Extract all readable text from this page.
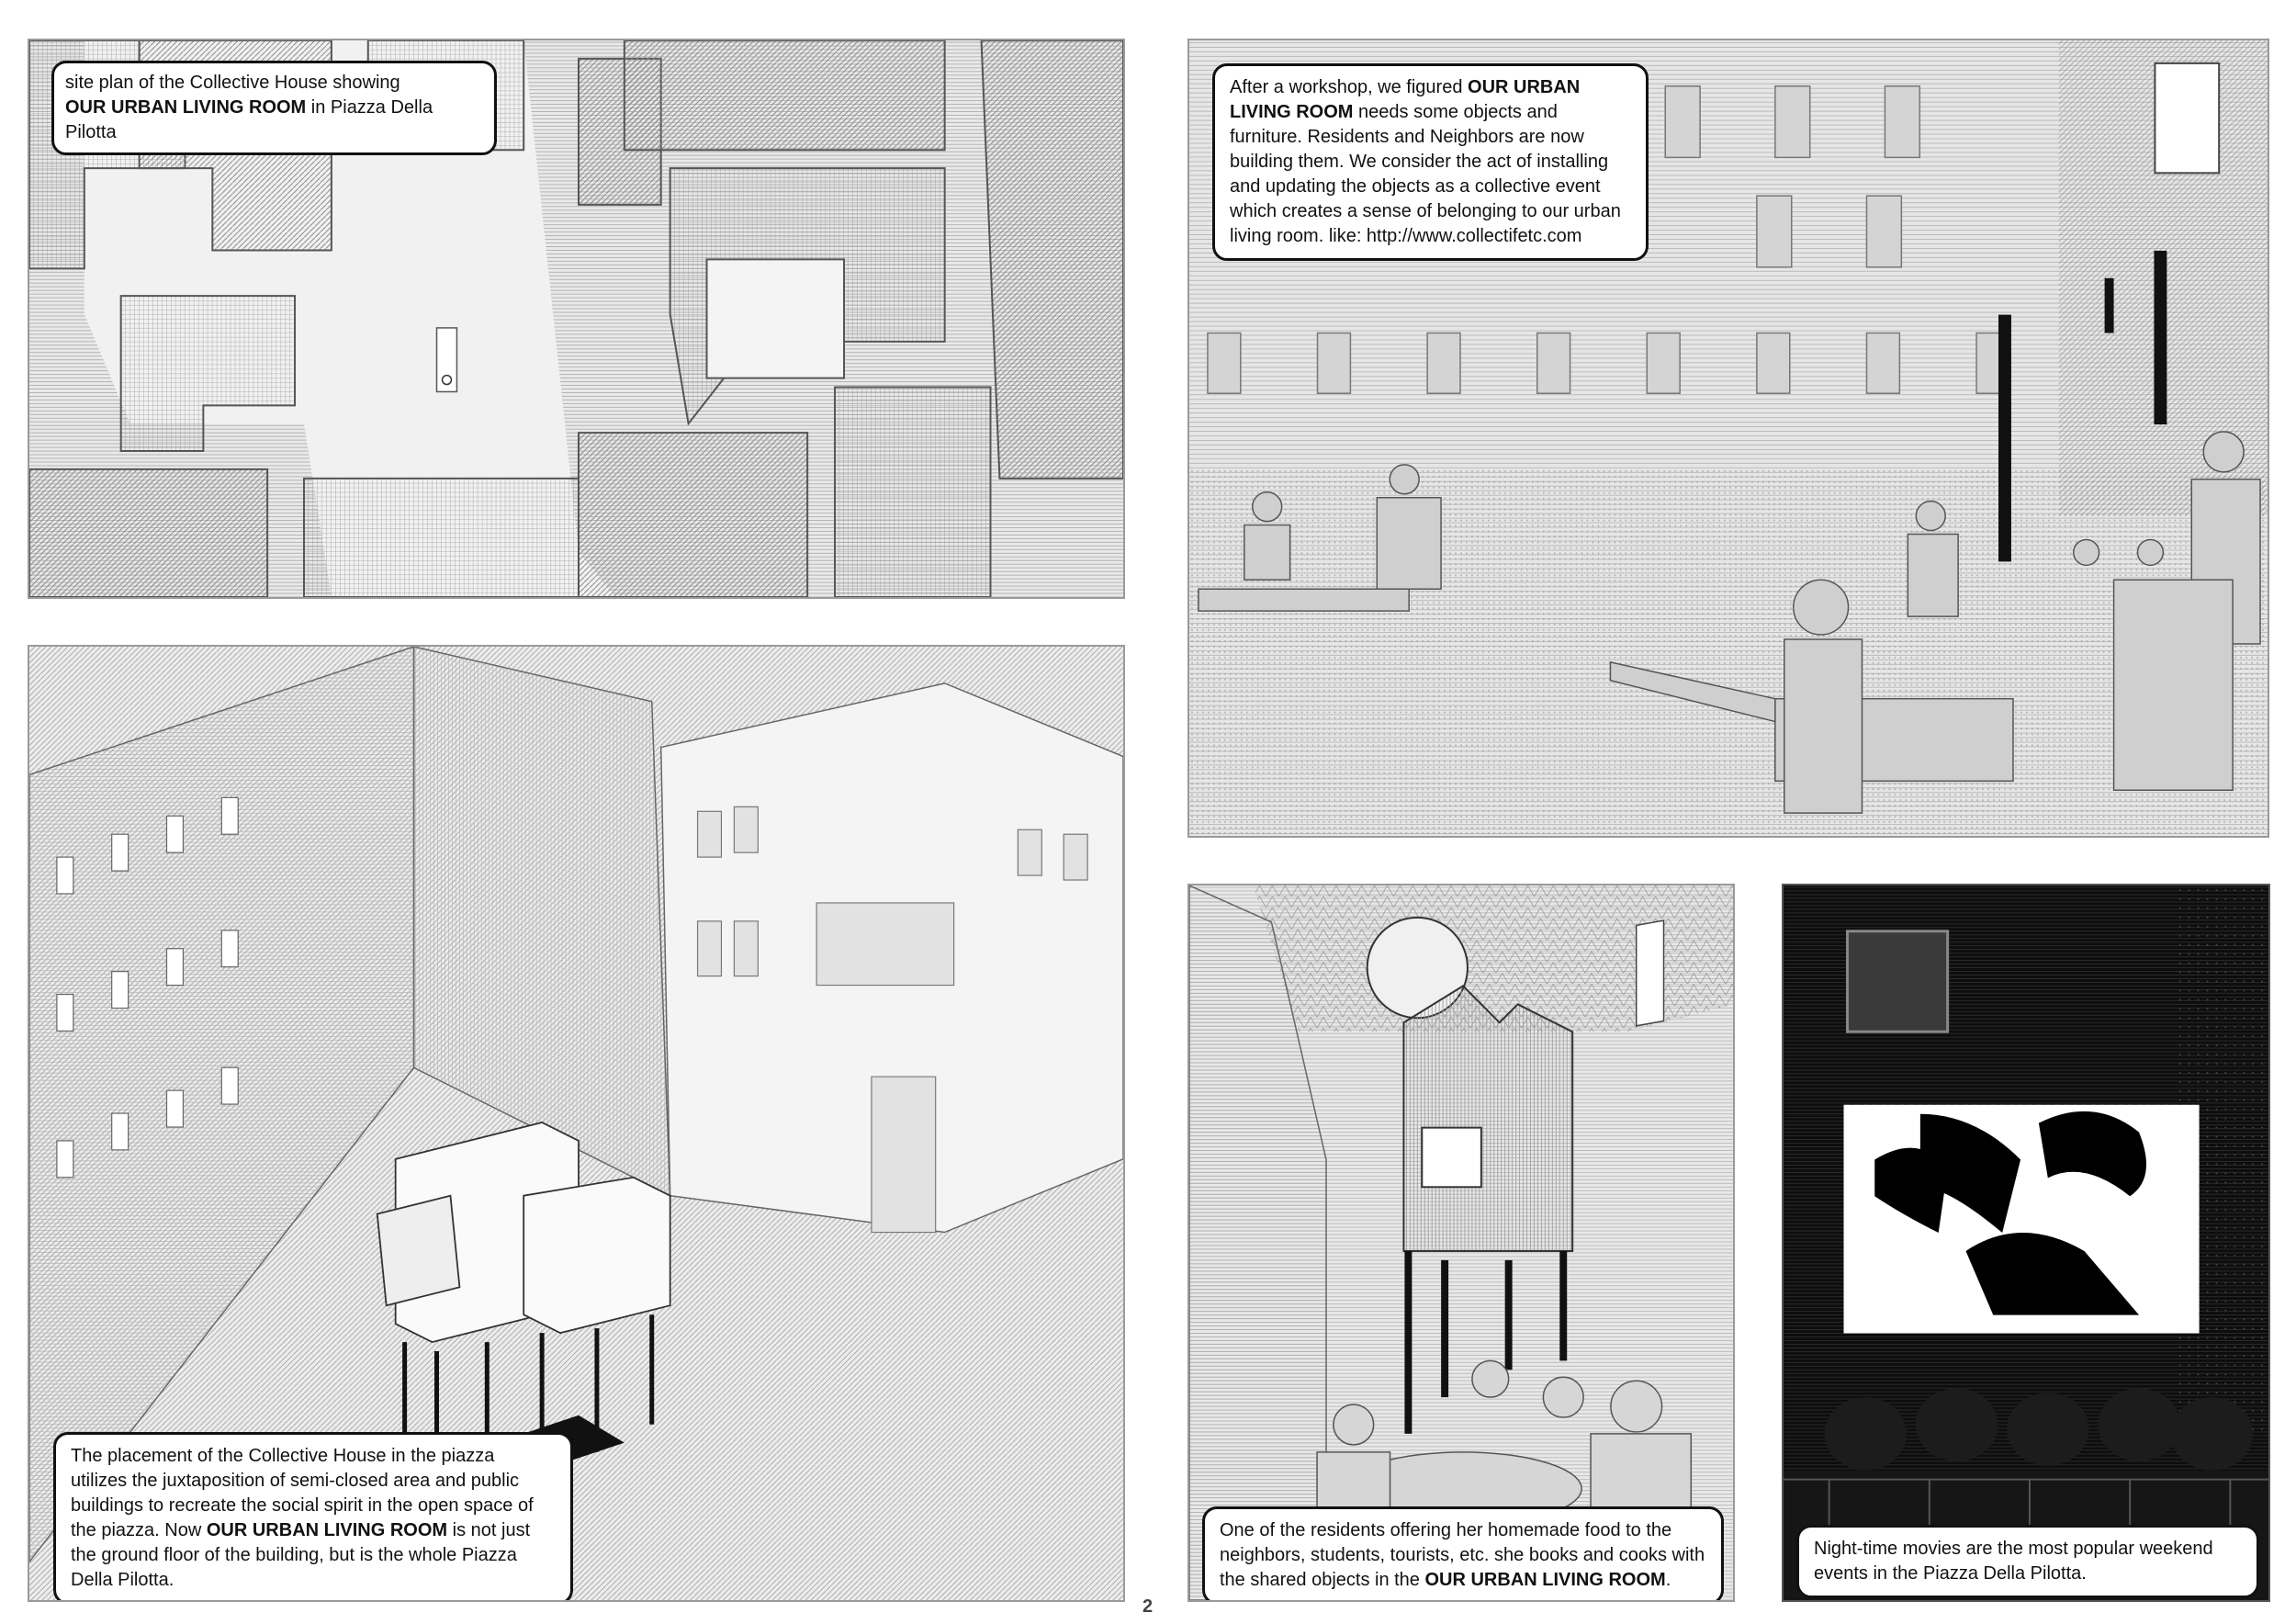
site plan of the Collective House showing
OUR URBAN LIVING ROOM in Piazza Della Pilotta
After a workshop, we figured OUR URBAN LIVING ROOM needs some objects and furniture. Residents and Neighbors are now building them. We consider the act of installing and updating the objects as a collective event which creates a sense of belonging to our urban living room. like: http://www.collectifetc.com
The placement of the Collective House in the piazza utilizes the juxtaposition of semi-closed area and public buildings to recreate the social spirit in the open space of the piazza. Now OUR URBAN LIVING ROOM is not just the ground floor of the building, but is the whole Piazza Della Pilotta.
One of the residents offering her homemade food to the neighbors, students, tourists, etc. she books and cooks with the shared objects in the OUR URBAN LIVING ROOM.
Night-time movies are the most popular weekend events in the Piazza Della Pilotta.
2
